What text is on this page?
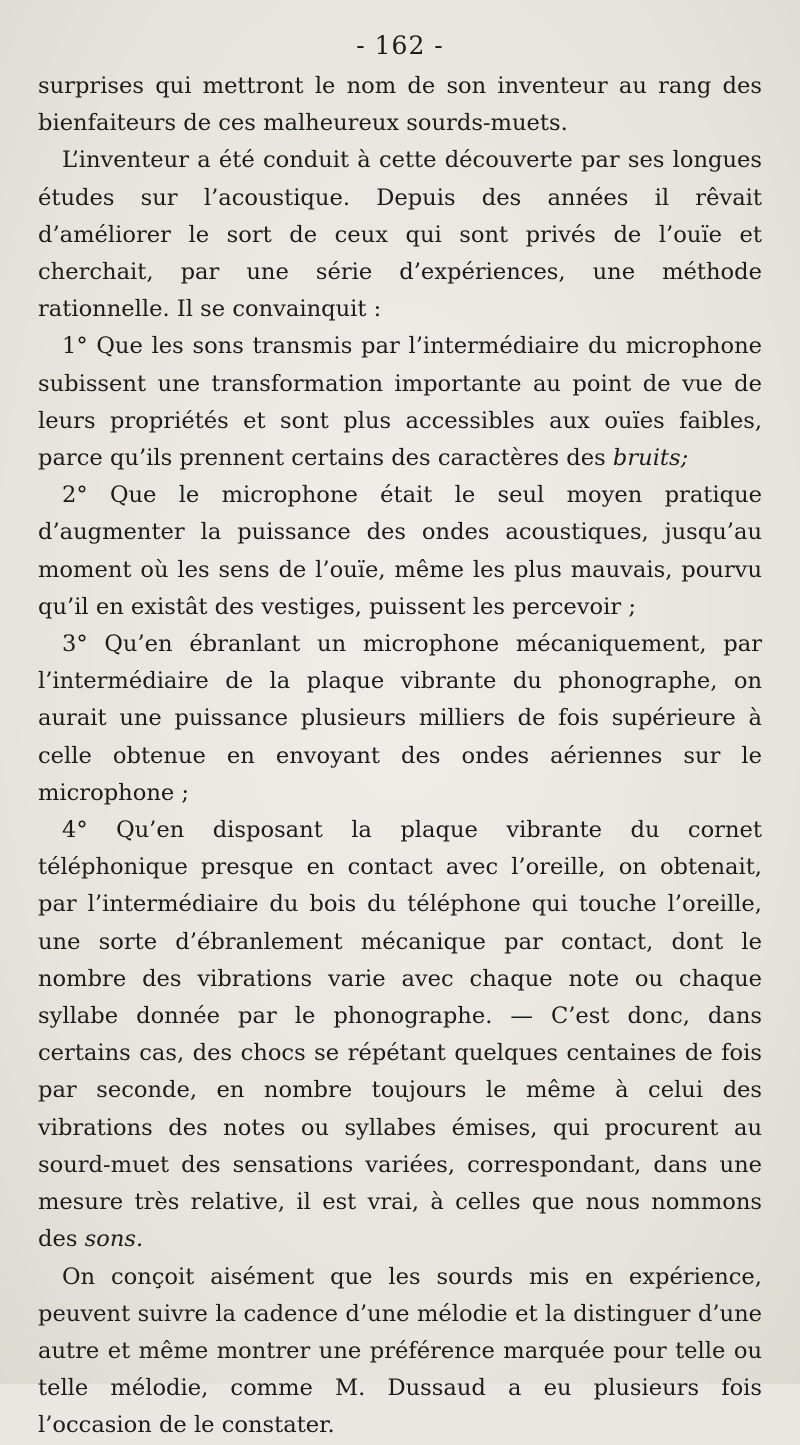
- 162 -

surprises qui mettront le nom de son inventeur au rang des bienfaiteurs de ces malheureux sourds-muets.

L’inventeur a été conduit à cette découverte par ses longues études sur l’acoustique. Depuis des années il rêvait d’améliorer le sort de ceux qui sont privés de l’ouïe et cherchait, par une série d’expériences, une méthode rationnelle. Il se convainquit :

1° Que les sons transmis par l’intermédiaire du microphone subissent une transformation importante au point de vue de leurs propriétés et sont plus accessibles aux ouïes faibles, parce qu’ils prennent certains des caractères des bruits;

2° Que le microphone était le seul moyen pratique d’augmenter la puissance des ondes acoustiques, jusqu’au moment où les sens de l’ouïe, même les plus mauvais, pourvu qu’il en existât des vestiges, puissent les percevoir ;

3° Qu’en ébranlant un microphone mécaniquement, par l’intermédiaire de la plaque vibrante du phonographe, on aurait une puissance plusieurs milliers de fois supérieure à celle obtenue en envoyant des ondes aériennes sur le microphone ;

4° Qu’en disposant la plaque vibrante du cornet téléphonique presque en contact avec l’oreille, on obtenait, par l’intermédiaire du bois du téléphone qui touche l’oreille, une sorte d’ébranlement mécanique par contact, dont le nombre des vibrations varie avec chaque note ou chaque syllabe donnée par le phonographe. — C’est donc, dans certains cas, des chocs se répétant quelques centaines de fois par seconde, en nombre toujours le même à celui des vibrations des notes ou syllabes émises, qui procurent au sourd-muet des sensations variées, correspondant, dans une mesure très relative, il est vrai, à celles que nous nommons des sons.

On conçoit aisément que les sourds mis en expérience, peuvent suivre la cadence d’une mélodie et la distinguer d’une autre et même montrer une préférence marquée pour telle ou telle mélodie, comme M. Dussaud a eu plusieurs fois l’occasion de le constater.
